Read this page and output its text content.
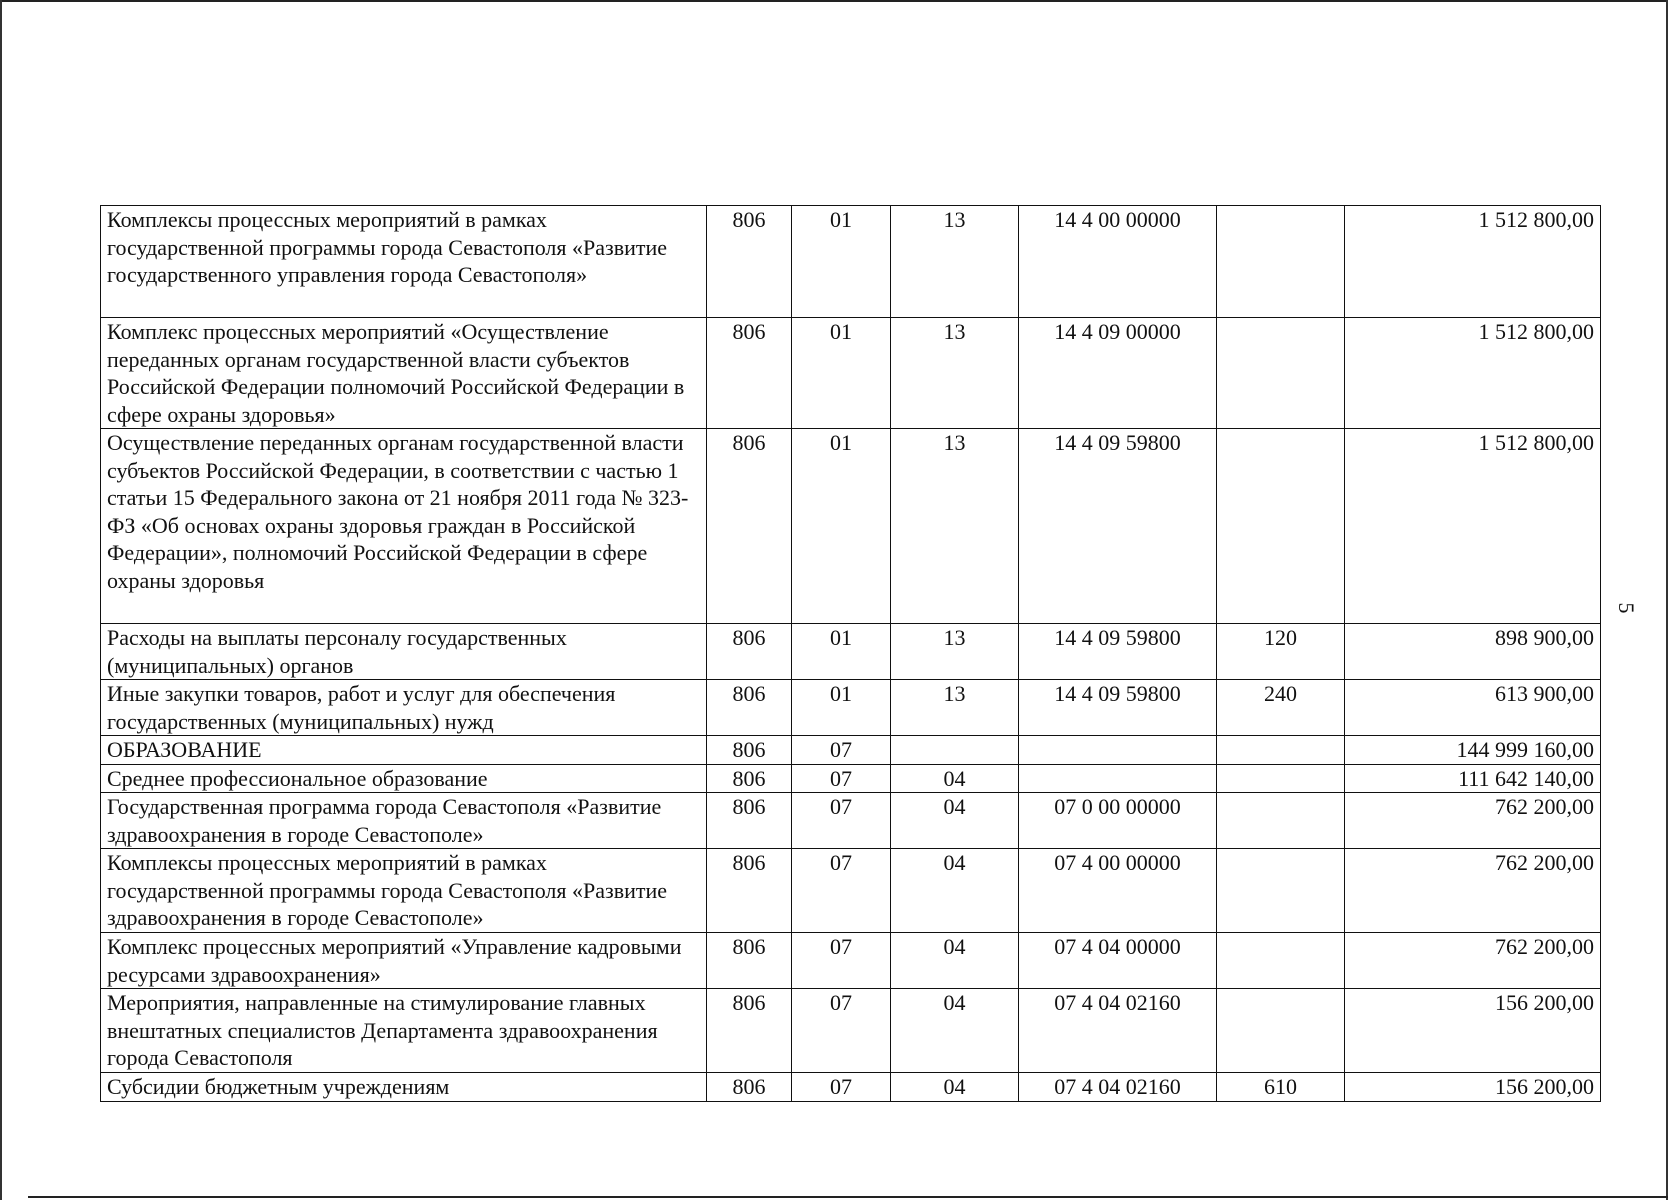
5
Комплексы процессных мероприятий в рамках государственной программы города Севастополя «Развитие государственного управления города Севастополя»	806	01	13	14 4 00 00000		1 512 800,00
Комплекс процессных мероприятий «Осуществление переданных органам государственной власти субъектов Российской Федерации полномочий Российской Федерации в сфере охраны здоровья»	806	01	13	14 4 09 00000		1 512 800,00
Осуществление переданных органам государственной власти субъектов Российской Федерации, в соответствии с частью 1 статьи 15 Федерального закона от 21 ноября 2011 года № 323-ФЗ «Об основах охраны здоровья граждан в Российской Федерации», полномочий Российской Федерации в сфере охраны здоровья	806	01	13	14 4 09 59800		1 512 800,00
Расходы на выплаты персоналу государственных (муниципальных) органов	806	01	13	14 4 09 59800	120	898 900,00
Иные закупки товаров, работ и услуг для обеспечения государственных (муниципальных) нужд	806	01	13	14 4 09 59800	240	613 900,00
ОБРАЗОВАНИЕ	806	07				144 999 160,00
Среднее профессиональное образование	806	07	04			111 642 140,00
Государственная программа города Севастополя «Развитие здравоохранения в городе Севастополе»	806	07	04	07 0 00 00000		762 200,00
Комплексы процессных мероприятий в рамках государственной программы города Севастополя «Развитие здравоохранения в городе Севастополе»	806	07	04	07 4 00 00000		762 200,00
Комплекс процессных мероприятий «Управление кадровыми ресурсами здравоохранения»	806	07	04	07 4 04 00000		762 200,00
Мероприятия, направленные на стимулирование главных внештатных специалистов Департамента здравоохранения города Севастополя	806	07	04	07 4 04 02160		156 200,00
Субсидии бюджетным учреждениям	806	07	04	07 4 04 02160	610	156 200,00
